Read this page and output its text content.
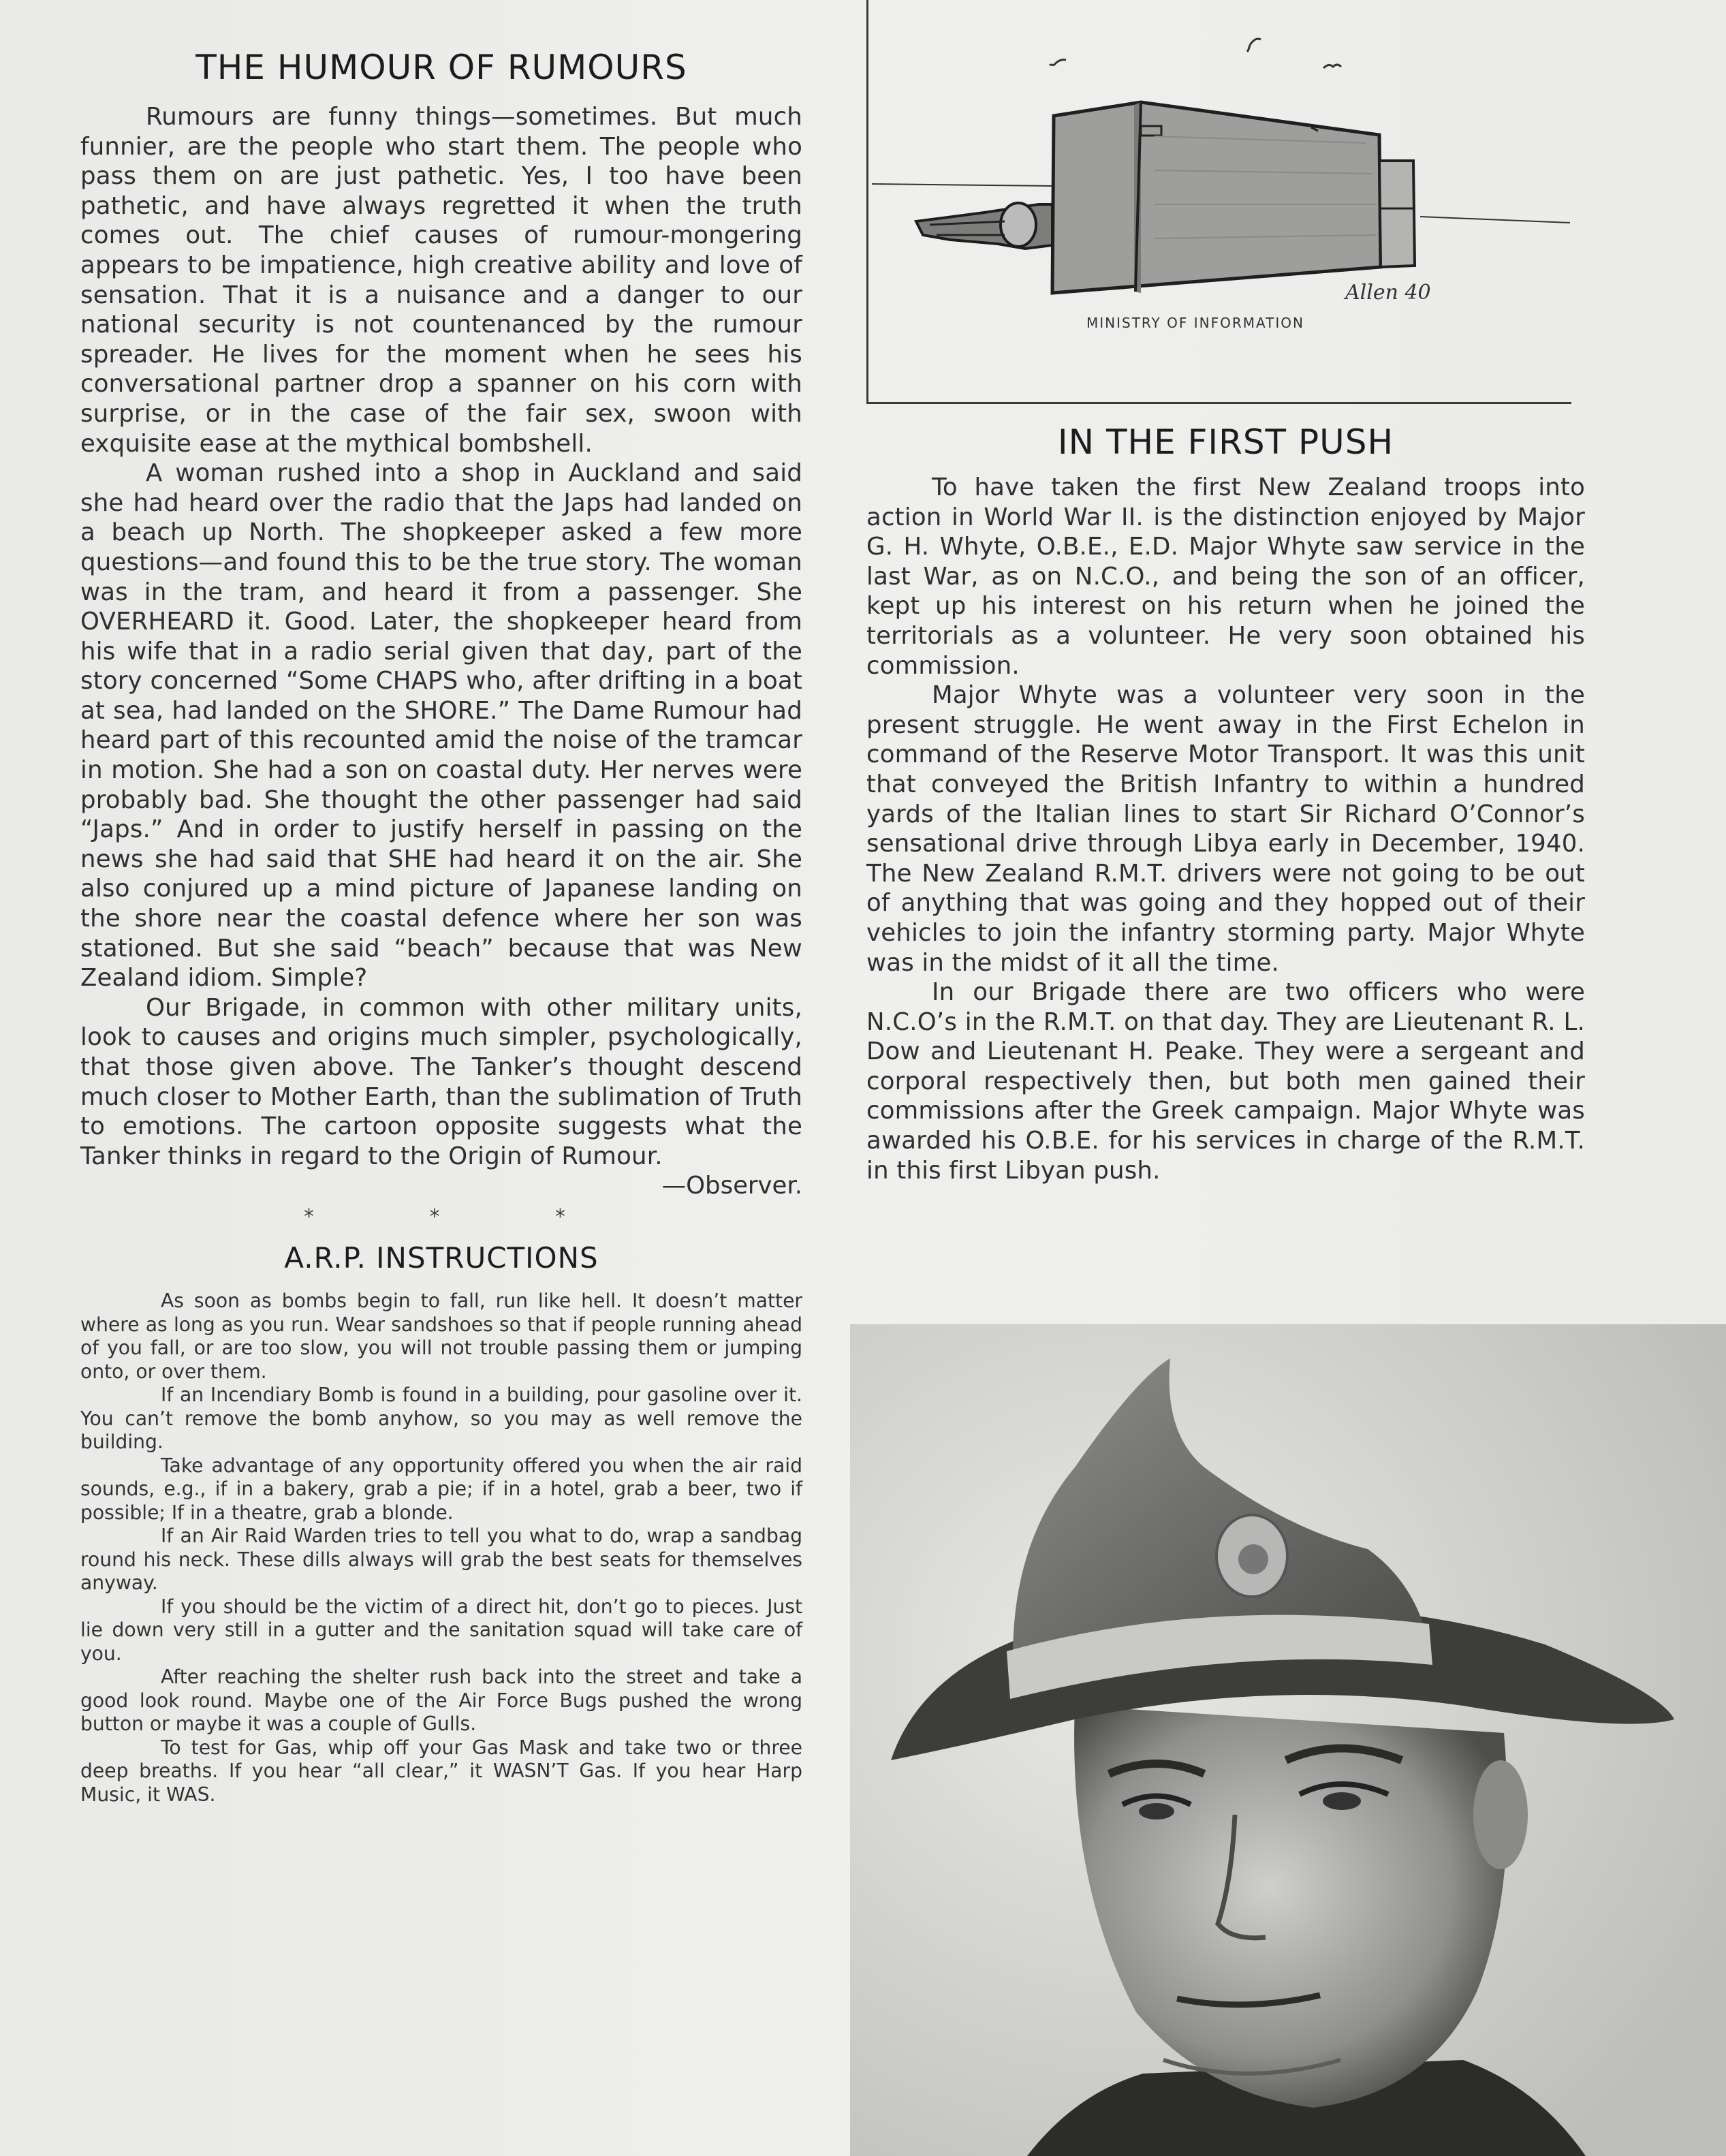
THE HUMOUR OF RUMOURS

Rumours are funny things—sometimes. But much funnier, are the people who start them. The people who pass them on are just pathetic. Yes, I too have been pathetic, and have always regretted it when the truth comes out. The chief causes of rumour-mongering appears to be impatience, high creative ability and love of sensation. That it is a nuisance and a danger to our national security is not countenanced by the rumour spreader. He lives for the moment when he sees his conversational partner drop a spanner on his corn with surprise, or in the case of the fair sex, swoon with exquisite ease at the mythical bombshell.

A woman rushed into a shop in Auckland and said she had heard over the radio that the Japs had landed on a beach up North. The shopkeeper asked a few more questions—and found this to be the true story. The woman was in the tram, and heard it from a passenger. She OVERHEARD it. Good. Later, the shopkeeper heard from his wife that in a radio serial given that day, part of the story concerned “Some CHAPS who, after drifting in a boat at sea, had landed on the SHORE.” The Dame Rumour had heard part of this recounted amid the noise of the tramcar in motion. She had a son on coastal duty. Her nerves were probably bad. She thought the other passenger had said “Japs.” And in order to justify herself in passing on the news she had said that SHE had heard it on the air. She also conjured up a mind picture of Japanese landing on the shore near the coastal defence where her son was stationed. But she said “beach” because that was New Zealand idiom. Simple?

Our Brigade, in common with other military units, look to causes and origins much simpler, psychologically, that those given above. The Tanker’s thought descend much closer to Mother Earth, than the sublimation of Truth to emotions. The cartoon opposite suggests what the Tanker thinks in regard to the Origin of Rumour.

—Observer.

* * *
A.R.P. INSTRUCTIONS

As soon as bombs begin to fall, run like hell. It doesn’t matter where as long as you run. Wear sandshoes so that if people running ahead of you fall, or are too slow, you will not trouble passing them or jumping onto, or over them.

If an Incendiary Bomb is found in a building, pour gasoline over it. You can’t remove the bomb anyhow, so you may as well remove the building.

Take advantage of any opportunity offered you when the air raid sounds, e.g., if in a bakery, grab a pie; if in a hotel, grab a beer, two if possible; If in a theatre, grab a blonde.

If an Air Raid Warden tries to tell you what to do, wrap a sandbag round his neck. These dills always will grab the best seats for themselves anyway.

If you should be the victim of a direct hit, don’t go to pieces. Just lie down very still in a gutter and the sanitation squad will take care of you.

After reaching the shelter rush back into the street and take a good look round. Maybe one of the Air Force Bugs pushed the wrong button or maybe it was a couple of Gulls.

To test for Gas, whip off your Gas Mask and take two or three deep breaths. If you hear “all clear,” it WASN’T Gas. If you hear Harp Music, it WAS.

Allen 40
MINISTRY OF INFORMATION
IN THE FIRST PUSH

To have taken the first New Zealand troops into action in World War II. is the distinction enjoyed by Major G. H. Whyte, O.B.E., E.D. Major Whyte saw service in the last War, as on N.C.O., and being the son of an officer, kept up his interest on his return when he joined the territorials as a volunteer. He very soon obtained his commission.

Major Whyte was a volunteer very soon in the present struggle. He went away in the First Echelon in command of the Reserve Motor Transport. It was this unit that conveyed the British Infantry to within a hundred yards of the Italian lines to start Sir Richard O’Connor’s sensational drive through Libya early in December, 1940. The New Zealand R.M.T. drivers were not going to be out of anything that was going and they hopped out of their vehicles to join the infantry storming party. Major Whyte was in the midst of it all the time.

In our Brigade there are two officers who were N.C.O’s in the R.M.T. on that day. They are Lieutenant R. L. Dow and Lieutenant H. Peake. They were a sergeant and corporal respectively then, but both men gained their commissions after the Greek campaign. Major Whyte was awarded his O.B.E. for his services in charge of the R.M.T. in this first Libyan push.
